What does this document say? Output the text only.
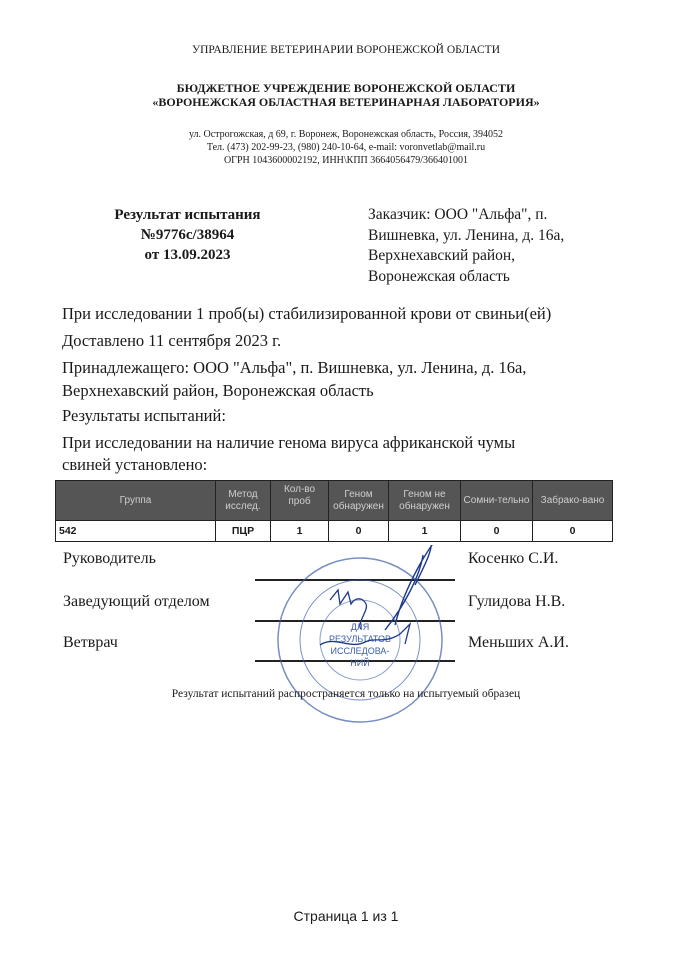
УПРАВЛЕНИЕ ВЕТЕРИНАРИИ ВОРОНЕЖСКОЙ ОБЛАСТИ
БЮДЖЕТНОЕ УЧРЕЖДЕНИЕ ВОРОНЕЖСКОЙ ОБЛАСТИ
«ВОРОНЕЖСКАЯ ОБЛАСТНАЯ ВЕТЕРИНАРНАЯ ЛАБОРАТОРИЯ»
ул. Острогожская, д 69, г. Воронеж, Воронежская область, Россия, 394052
Тел. (473) 202-99-23, (980) 240-10-64, e-mail: voronvetlab@mail.ru
ОГРН 1043600002192, ИНН\КПП 3664056479/366401001
Результат испытания
№9776с/38964
от 13.09.2023
Заказчик: ООО "Альфа", п.
Вишневка, ул. Ленина, д. 16а,
Верхнехавский район,
Воронежская область
При исследовании 1 проб(ы) стабилизированной крови от свиньи(ей)
Доставлено 11 сентября 2023 г.
Принадлежащего: ООО "Альфа", п. Вишневка, ул. Ленина, д. 16а,
Верхнехавский район, Воронежская область
Результаты испытаний:
При исследовании на наличие генома вируса африканской чумы
свиней установлено:
Группа	Метод исслед.	Кол-во проб	Геном обнаружен	Геном не обнаружен	Сомни-тельно	Забрако-вано
542	ПЦР	1	0	1	0	0
Руководитель	Косенко С.И.
Заведующий отделом	Гулидова Н.В.
Ветврач	Меньших А.И.
ДЛЯ
РЕЗУЛЬТАТОВ
ИССЛЕДОВА-
НИЙ
Результат испытаний распространяется только на испытуемый образец
Страница 1 из 1
